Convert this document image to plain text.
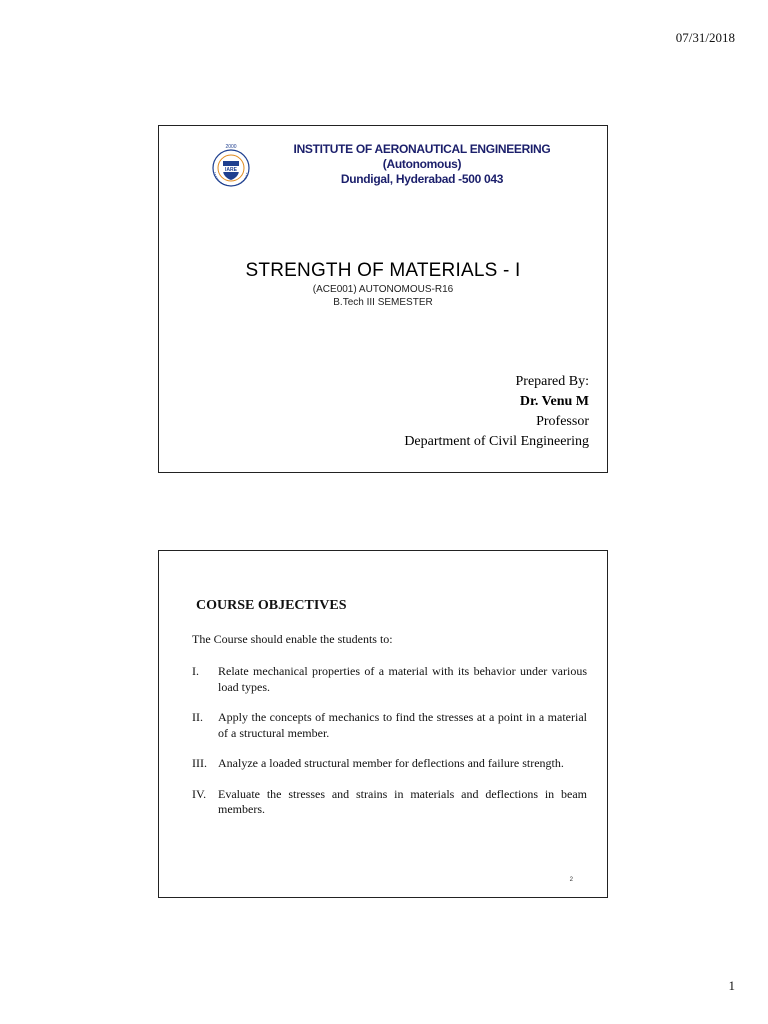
07/31/2018
2000
IARE
INSTITUTE OF AERONAUTICAL ENGINEERING
(Autonomous)
Dundigal, Hyderabad -500 043
STRENGTH OF MATERIALS - I
(ACE001) AUTONOMOUS-R16
B.Tech III SEMESTER
Prepared By:
Dr. Venu M
Professor
Department of Civil Engineering
COURSE OBJECTIVES
The Course should enable the students to:
I. Relate mechanical properties of a material with its behavior under various load types.
II. Apply the concepts of mechanics to find the stresses at a point in a material of a structural member.
III. Analyze a loaded structural member for deflections and failure strength.
IV. Evaluate the stresses and strains in materials and deflections in beam members.
2
1
